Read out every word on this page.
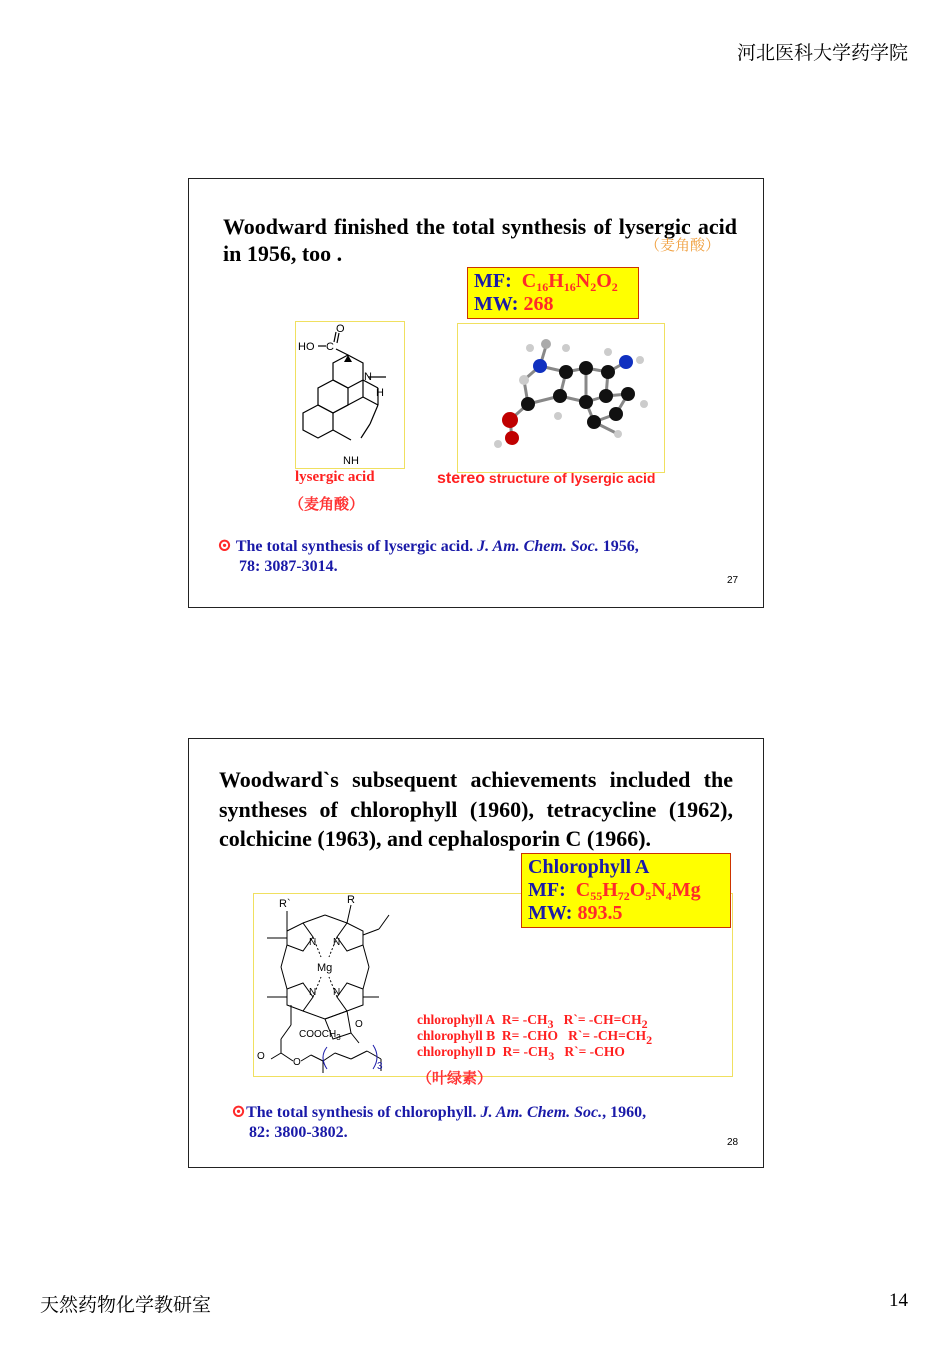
河北医科大学药学院
Woodward finished the total synthesis of lysergic acid in 1956, too .	（麦角酸）
MF: $C_{16}H_{16}N_2O_2$
MW: 268
HO C
O
N
H
NH
lysergic acid	stereo structure of lysergic acid
（麦角酸）
⊙ The total synthesis of lysergic acid. J. Am. Chem. Soc. 1956,
78: 3087-3014.
27
Woodward`s subsequent achievements included the syntheses of chlorophyll (1960), tetracycline (1962), colchicine (1963), and cephalosporin C (1966).
Chlorophyll A
MF: $C_{55}H_{72}O_5N_4Mg$
MW: 893.5
R`	R
N N
Mg
N N
$COOCH_3$
O
O
O	3
chlorophyll A $R= -CH_3$ R`= $-CH=CH_2$
chlorophyll B R= -CHO R`= $-CH=CH_2$
chlorophyll D $R= -CH_3$ R`= -CHO
（叶绿素）
⊙The total synthesis of chlorophyll. J. Am. Chem. Soc., 1960,
82: 3800-3802.
28
天然药物化学教研室	14
